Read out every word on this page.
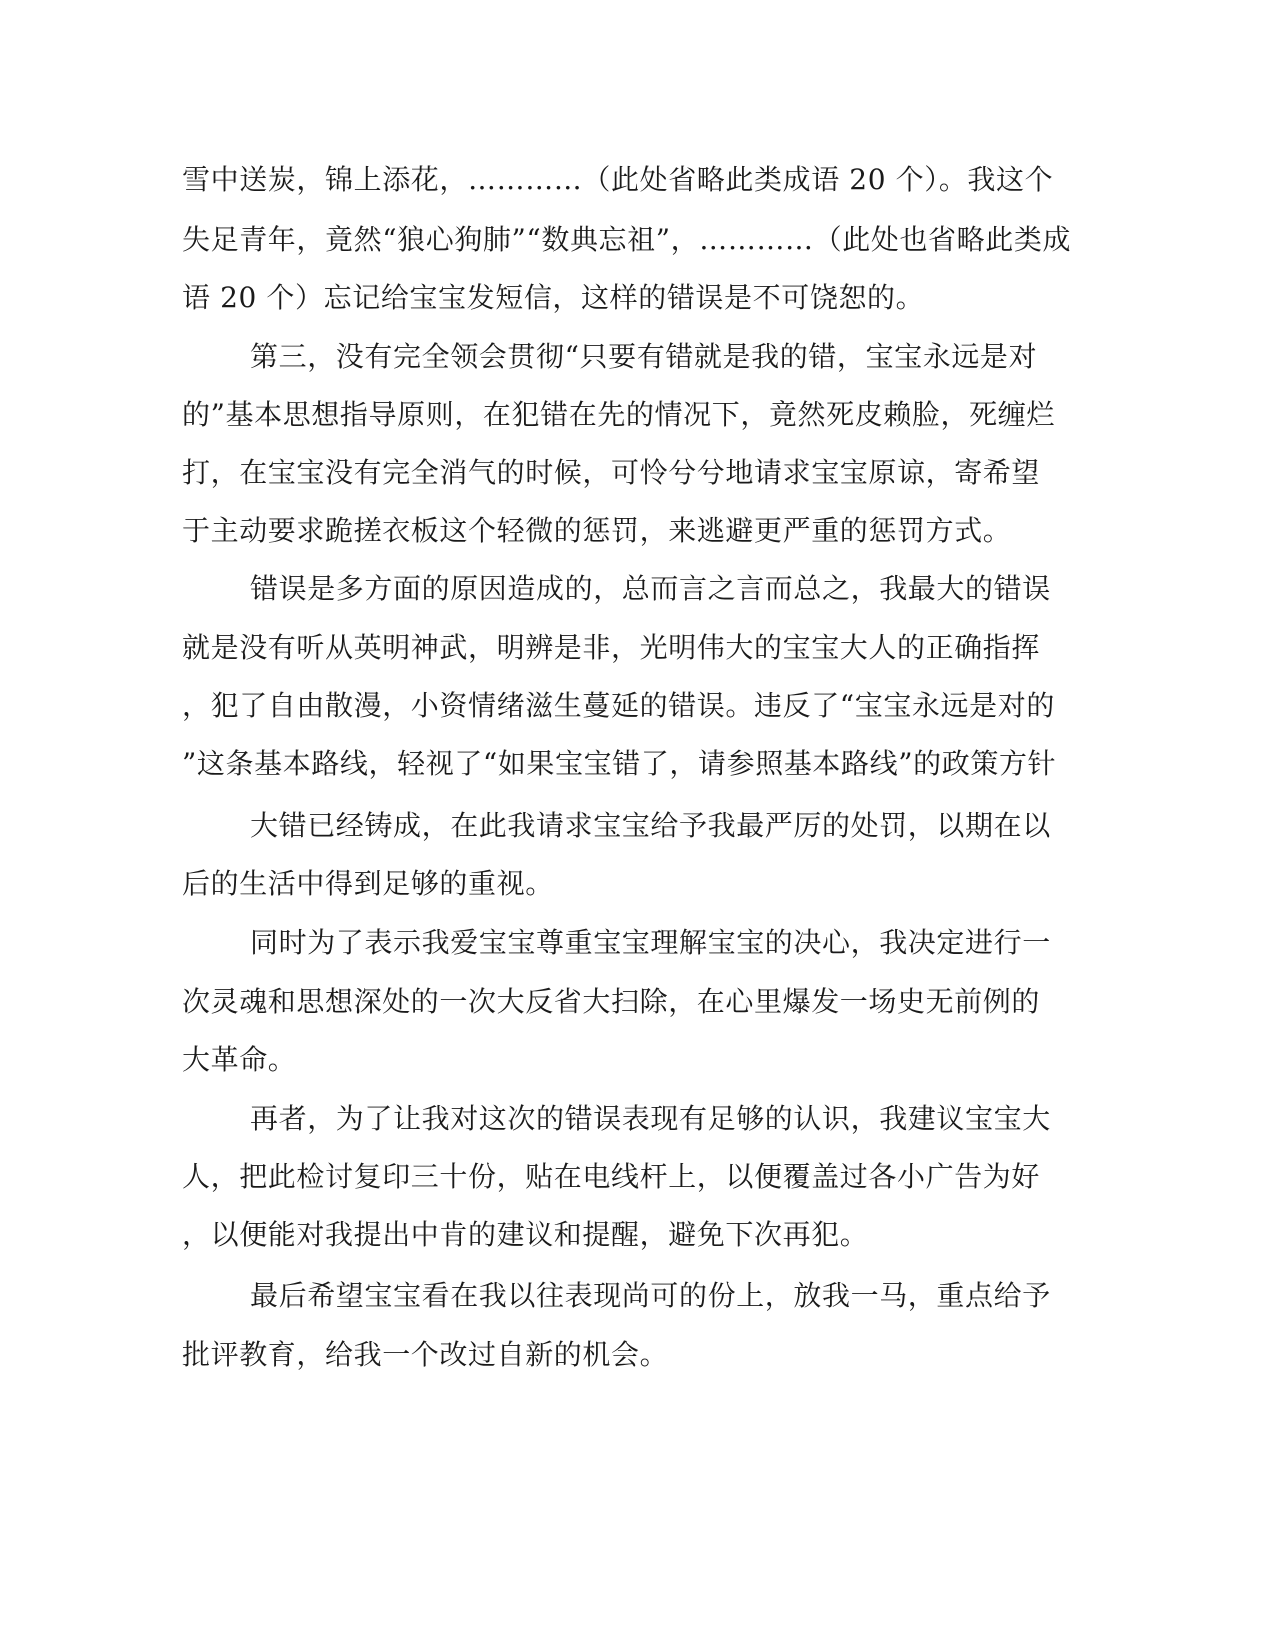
雪中送炭，锦上添花，…………（此处省略此类成语 20 个）。我这个
失足青年，竟然“狼心狗肺”“数典忘祖”，…………（此处也省略此类成
语 20 个）忘记给宝宝发短信，这样的错误是不可饶恕的。
第三，没有完全领会贯彻“只要有错就是我的错，宝宝永远是对
的”基本思想指导原则，在犯错在先的情况下，竟然死皮赖脸，死缠烂
打，在宝宝没有完全消气的时候，可怜兮兮地请求宝宝原谅，寄希望
于主动要求跪搓衣板这个轻微的惩罚，来逃避更严重的惩罚方式。
错误是多方面的原因造成的，总而言之言而总之，我最大的错误
就是没有听从英明神武，明辨是非，光明伟大的宝宝大人的正确指挥
，犯了自由散漫，小资情绪滋生蔓延的错误。违反了“宝宝永远是对的
”这条基本路线，轻视了“如果宝宝错了，请参照基本路线”的政策方针
大错已经铸成，在此我请求宝宝给予我最严厉的处罚，以期在以
后的生活中得到足够的重视。
同时为了表示我爱宝宝尊重宝宝理解宝宝的决心，我决定进行一
次灵魂和思想深处的一次大反省大扫除，在心里爆发一场史无前例的
大革命。
再者，为了让我对这次的错误表现有足够的认识，我建议宝宝大
人，把此检讨复印三十份，贴在电线杆上，以便覆盖过各小广告为好
，以便能对我提出中肯的建议和提醒，避免下次再犯。
最后希望宝宝看在我以往表现尚可的份上，放我一马，重点给予
批评教育，给我一个改过自新的机会。
